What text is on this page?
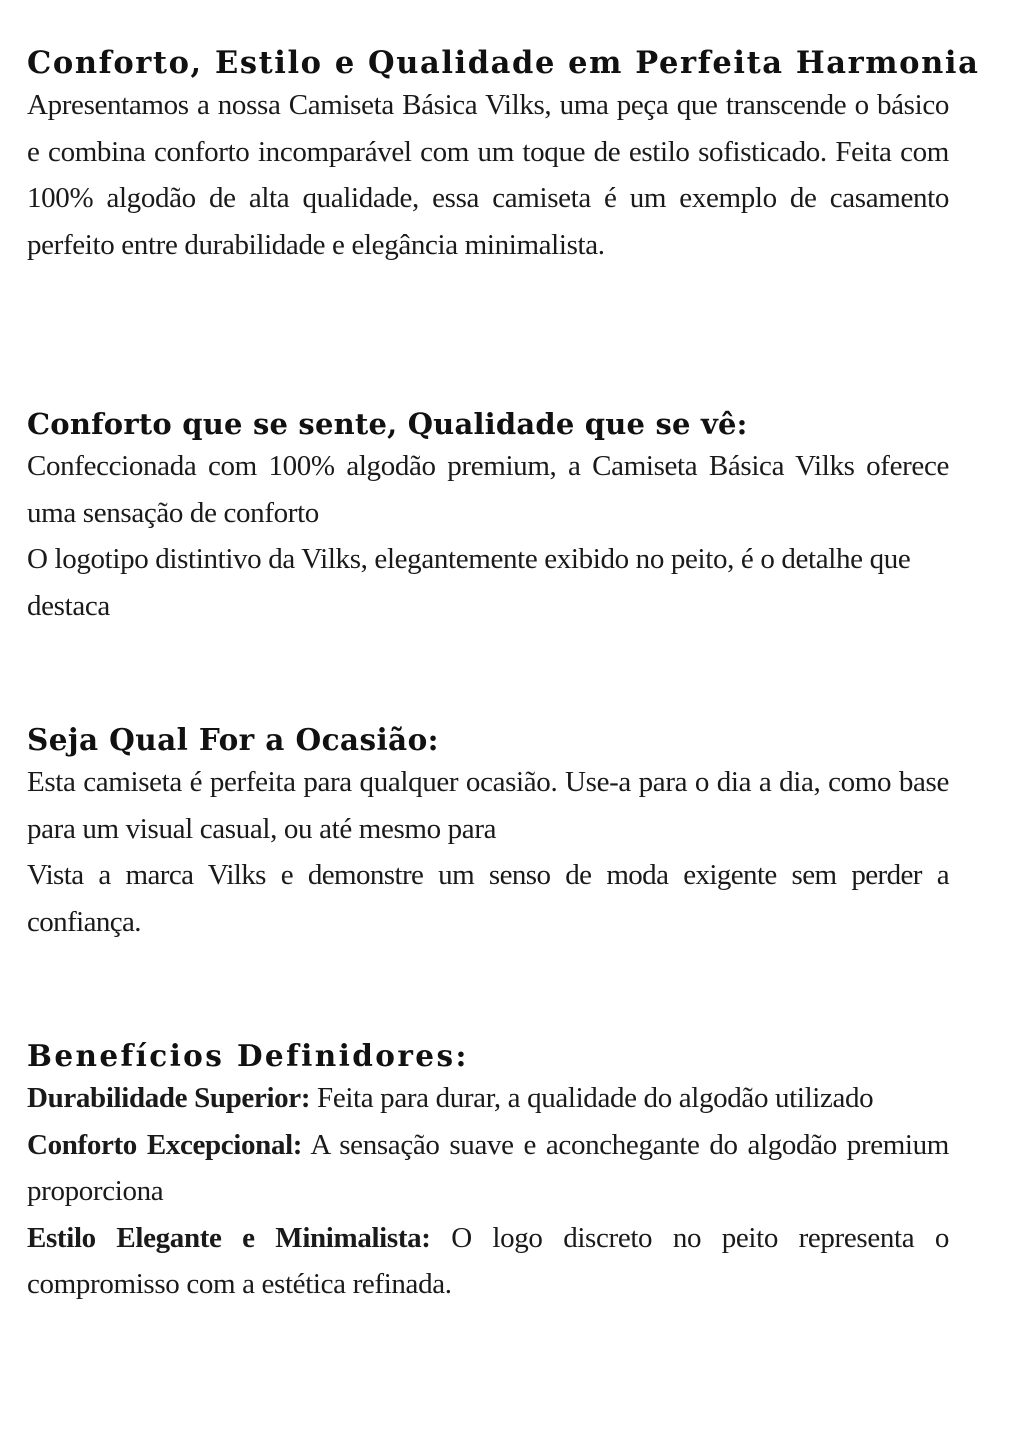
Conforto, Estilo e Qualidade em Perfeita Harmonia

Apresentamos a nossa Camiseta Básica Vilks, uma peça que transcende o básico e combina conforto incomparável com um toque de estilo sofisticado. Feita com 100% algodão de alta qualidade, essa camiseta é um exemplo de casamento perfeito entre durabilidade e elegância minimalista.

Conforto que se sente, Qualidade que se vê:

Confeccionada com 100% algodão premium, a Camiseta Básica Vilks oferece uma sensação de conforto

O logotipo distintivo da Vilks, elegantemente exibido no peito, é o detalhe que destaca

Seja Qual For a Ocasião:

Esta camiseta é perfeita para qualquer ocasião. Use-a para o dia a dia, como base para um visual casual, ou até mesmo para

Vista a marca Vilks e demonstre um senso de moda exigente sem perder a confiança.

Benefícios Definidores:

Durabilidade Superior: Feita para durar, a qualidade do algodão utilizado

Conforto Excepcional: A sensação suave e aconchegante do algodão premium proporciona

Estilo Elegante e Minimalista: O logo discreto no peito representa o compromisso com a estética refinada.
